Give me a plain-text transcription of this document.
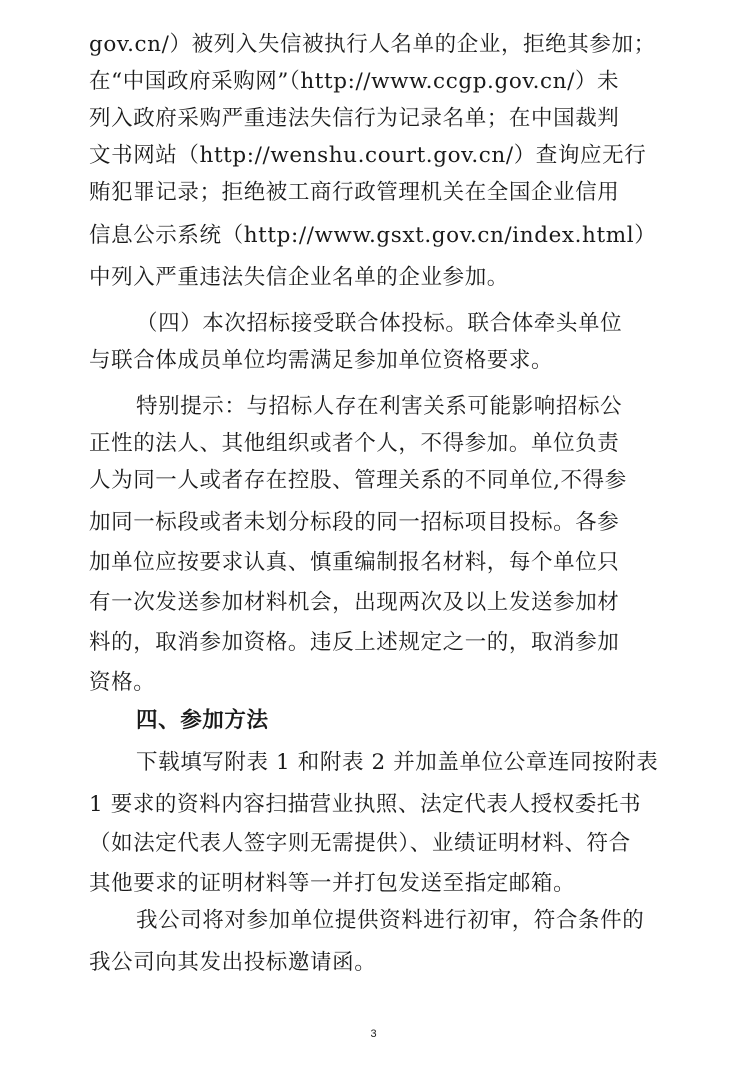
gov.cn/）被列入失信被执行人名单的企业，拒绝其参加；
在“中国政府采购网”（http://www.ccgp.gov.cn/）未
列入政府采购严重违法失信行为记录名单；在中国裁判
文书网站（http://wenshu.court.gov.cn/）查询应无行
贿犯罪记录；拒绝被工商行政管理机关在全国企业信用
信息公示系统（http://www.gsxt.gov.cn/index.html）
中列入严重违法失信企业名单的企业参加。
（四）本次招标接受联合体投标。联合体牵头单位
与联合体成员单位均需满足参加单位资格要求。
特别提示：与招标人存在利害关系可能影响招标公
正性的法人、其他组织或者个人，不得参加。单位负责
人为同一人或者存在控股、管理关系的不同单位,不得参
加同一标段或者未划分标段的同一招标项目投标。各参
加单位应按要求认真、慎重编制报名材料，每个单位只
有一次发送参加材料机会，出现两次及以上发送参加材
料的，取消参加资格。违反上述规定之一的，取消参加
资格。
四、参加方法
下载填写附表 1 和附表 2 并加盖单位公章连同按附表
1 要求的资料内容扫描营业执照、法定代表人授权委托书
（如法定代表人签字则无需提供）、业绩证明材料、符合
其他要求的证明材料等一并打包发送至指定邮箱。
我公司将对参加单位提供资料进行初审，符合条件的
我公司向其发出投标邀请函。
3
